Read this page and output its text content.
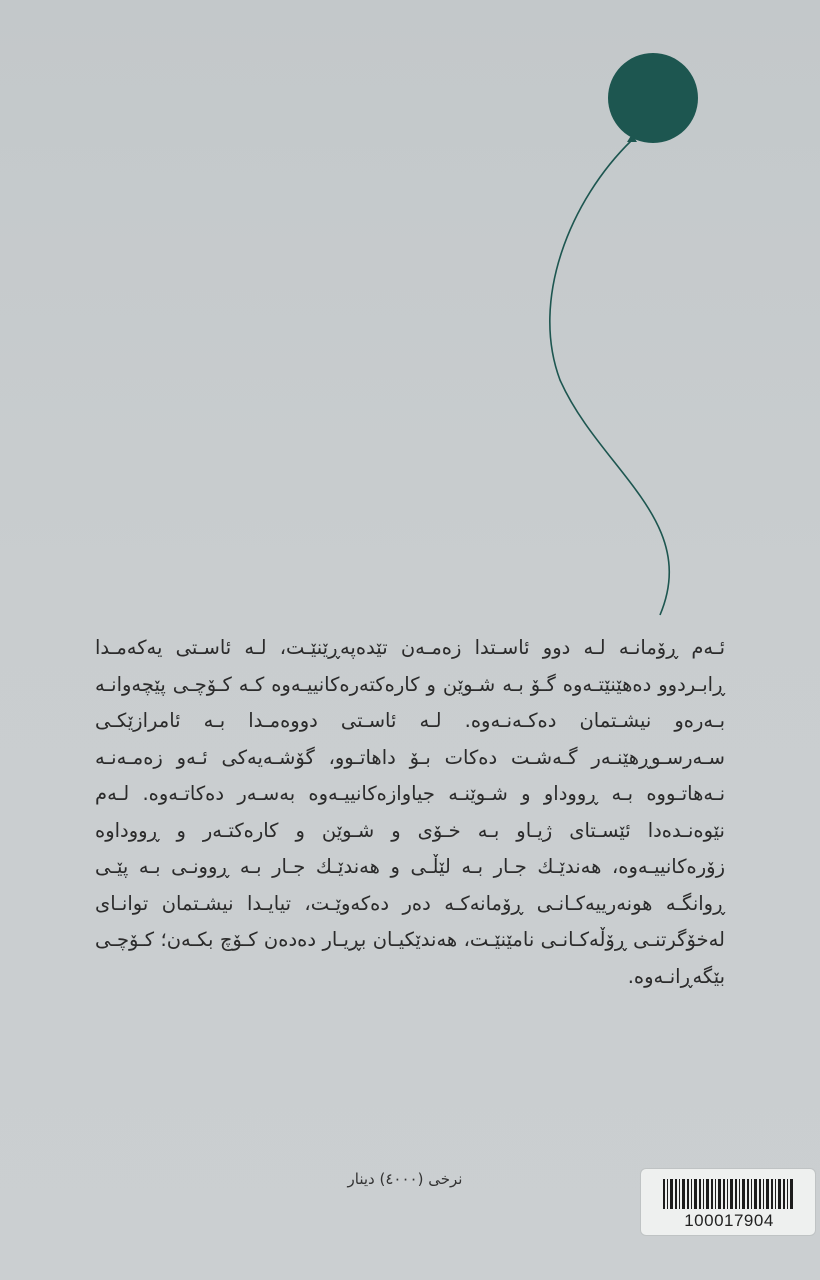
ئـەم ڕۆمانـە لـە دوو ئاسـتدا زەمـەن تێدەپەڕێنێـت، لـە ئاسـتی یەکەمـدا ڕابـردوو دەهێنێتـەوە گـۆ بـە شـوێن و کارەکتەرەکانییـەوە کـە کـۆچـی پێچەوانـە بـەرەو نیشـتمان دەکـەنـەوە. لـە ئاسـتی دووەمـدا بـە ئامرازێکـی سـەرسـوڕهێنـەر گـەشـت دەکات بـۆ داهاتـوو، گۆشـەیەکی ئـەو زەمـەنـە نـەهاتـووە بـە ڕووداو و شـوێنـە جیاوازەکانییـەوە بەسـەر دەکاتـەوە. لـەم نێوەنـدەدا ئێسـتای ژیـاو بـە خـۆی و شـوێن و کارەکتـەر و ڕووداوە زۆرەکانییـەوە، هەندێـك جـار بـە لێڵـی و هەندێـك جـار بـە ڕوونـی بـە پێـی ڕوانگـە هونەرییەکـانـی ڕۆمانەکـە دەر دەکەوێـت، تیایـدا نیشـتمان توانـای لەخۆگرتنـی ڕۆڵەکـانـی نامێنێـت، هەندێکیـان بڕیـار دەدەن کـۆچ بکـەن؛ کـۆچـی بێگەڕانـەوە.

نرخی (٤٠٠٠) دینار
100017904
